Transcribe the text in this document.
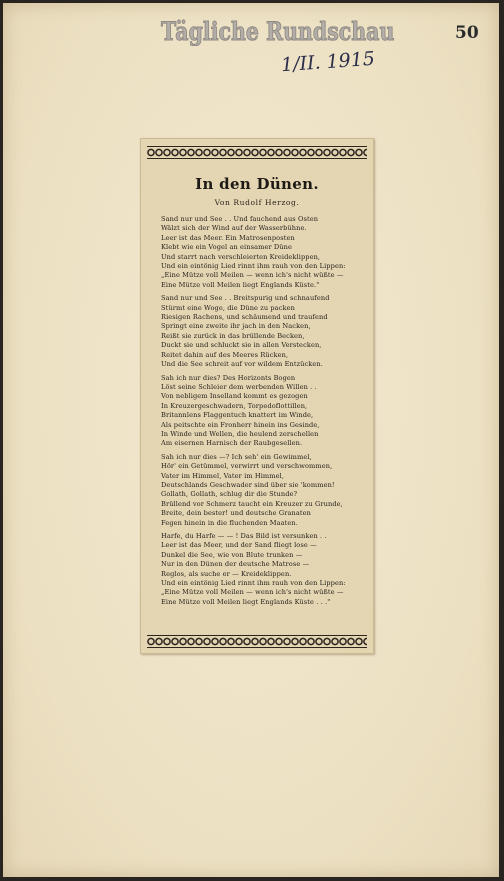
Tägliche Rundschau
1/II. 1915
50
In den Dünen.
Von Rudolf Herzog.
Sand nur und See . . Und fauchend aus Osten
Wälzt sich der Wind auf der Wasserbühne.
Leer ist das Meer. Ein Matrosenposten
Klebt wie ein Vogel an einsamer Düne
Und starrt nach verschleierten Kreideklippen,
Und ein eintönig Lied rinnt ihm rauh von den Lippen:
„Eine Mütze voll Meilen — wenn ich's nicht wüßte —
Eine Mütze voll Meilen liegt Englands Küste."
Sand nur und See . . Breitspurig und schnaufend
Stürmt eine Woge, die Düne zu packen
Riesigen Rachens, und schäumend und traufend
Springt eine zweite ihr jach in den Nacken,
Reißt sie zurück in das brüllende Becken,
Duckt sie und schluckt sie in allen Verstecken,
Reitet dahin auf des Meeres Rücken,
Und die See schreit auf vor wildem Entzücken.
Sah ich nur dies? Des Horizonts Bogen
Löst seine Schleier dem werbenden Willen . .
Von nebligem Inselland kommt es gezogen
In Kreuzergeschwadern, Torpedoflottillen,
Britannlens Flaggentuch knattert im Winde,
Als peitschte ein Fronherr hinein ins Gesinde,
In Winde und Wellen, die heulend zerschellen
Am eisernen Harnisch der Raubgesellen.
Sah ich nur dies —? Ich seh' ein Gewimmel,
Hör' ein Getümmel, verwirrt und verschwommen,
Vater im Himmel, Vater im Himmel,
Deutschlands Geschwader sind über sie 'kommen!
Gollath, Gollath, schlug dir die Stunde?
Brüllend vor Schmerz taucht ein Kreuzer zu Grunde,
Breite, dein bester! und deutsche Granaten
Fegen hinein in die fluchenden Maaten.
Harfe, du Harfe — — ! Das Bild ist versunken . .
Leer ist das Meer, und der Sand fliegt lose —
Dunkel die See, wie von Blute trunken —
Nur in den Dünen der deutsche Matrose —
Reglos, als suche er — Kreideklippen.
Und ein eintönig Lied rinnt ihm rauh von den Lippen:
„Eine Mütze voll Meilen — wenn ich's nicht wüßte —
Eine Mütze voll Meilen liegt Englands Küste . . ."
